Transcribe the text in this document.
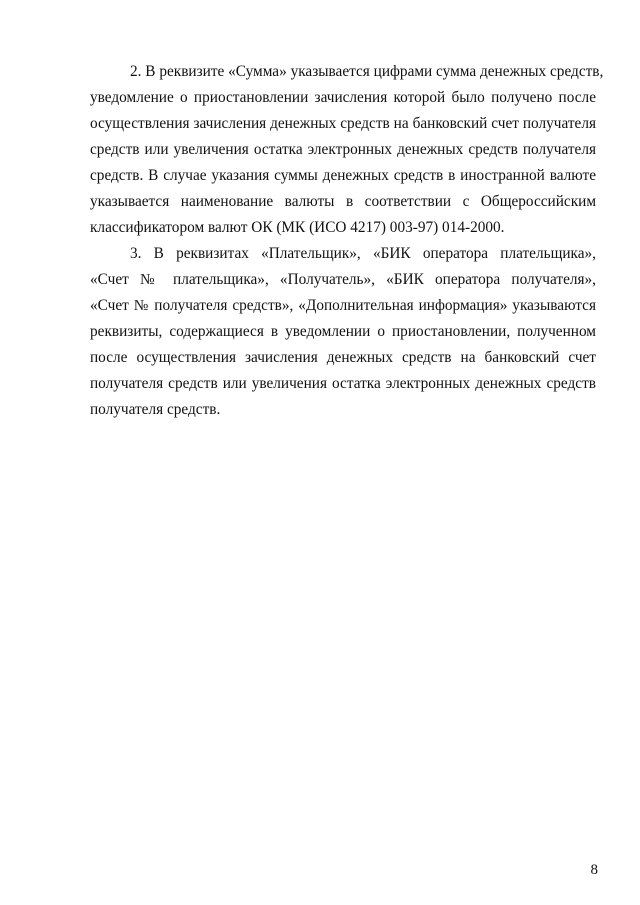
2. В реквизите «Сумма» указывается цифрами сумма денежных средств,
уведомление о приостановлении зачисления которой было получено после
осуществления зачисления денежных средств на банковский счет получателя
средств или увеличения остатка электронных денежных средств получателя
средств. В случае указания суммы денежных средств в иностранной валюте
указывается наименование валюты в соответствии с Общероссийским
классификатором валют ОК (МК (ИСО 4217) 003-97) 014-2000.
3. В реквизитах «Плательщик», «БИК оператора плательщика»,
«Счет № плательщика», «Получатель», «БИК оператора получателя»,
«Счет № получателя средств», «Дополнительная информация» указываются
реквизиты, содержащиеся в уведомлении о приостановлении, полученном
после осуществления зачисления денежных средств на банковский счет
получателя средств или увеличения остатка электронных денежных средств
получателя средств.
8
